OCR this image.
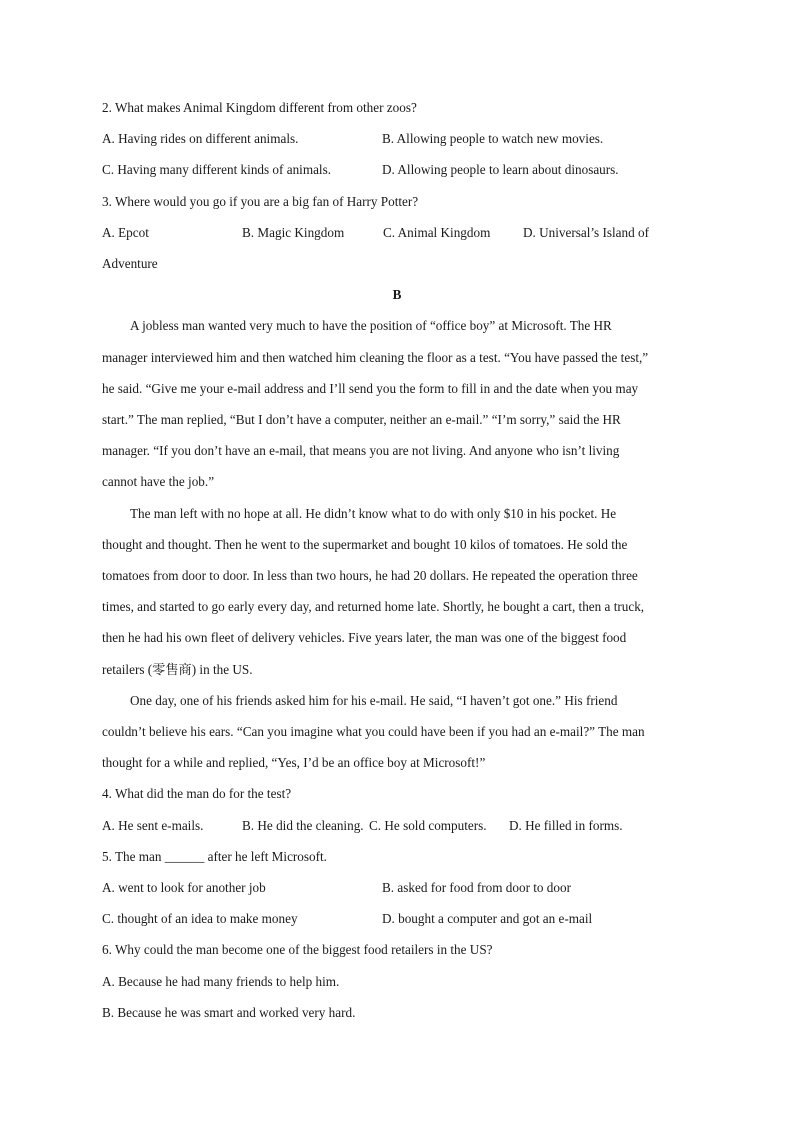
2. What makes Animal Kingdom different from other zoos?
A. Having rides on different animals.	B. Allowing people to watch new movies.
C. Having many different kinds of animals.	D. Allowing people to learn about dinosaurs.
3. Where would you go if you are a big fan of Harry Potter?
A. Epcot	B. Magic Kingdom	C. Animal Kingdom	D. Universal’s Island of
Adventure
B
A jobless man wanted very much to have the position of “office boy” at Microsoft. The HR
manager interviewed him and then watched him cleaning the floor as a test. “You have passed the test,”
he said. “Give me your e-mail address and I’ll send you the form to fill in and the date when you may
start.” The man replied, “But I don’t have a computer, neither an e-mail.” “I’m sorry,” said the HR
manager. “If you don’t have an e-mail, that means you are not living. And anyone who isn’t living
cannot have the job.”
The man left with no hope at all. He didn’t know what to do with only $10 in his pocket. He
thought and thought. Then he went to the supermarket and bought 10 kilos of tomatoes. He sold the
tomatoes from door to door. In less than two hours, he had 20 dollars. He repeated the operation three
times, and started to go early every day, and returned home late. Shortly, he bought a cart, then a truck,
then he had his own fleet of delivery vehicles. Five years later, the man was one of the biggest food
retailers (零售商) in the US.
One day, one of his friends asked him for his e-mail. He said, “I haven’t got one.” His friend
couldn’t believe his ears. “Can you imagine what you could have been if you had an e-mail?” The man
thought for a while and replied, “Yes, I’d be an office boy at Microsoft!”
4. What did the man do for the test?
A. He sent e-mails.	B. He did the cleaning. C. He sold computers.	D. He filled in forms.
5. The man ______ after he left Microsoft.
A. went to look for another job	B. asked for food from door to door
C. thought of an idea to make money	D. bought a computer and got an e-mail
6. Why could the man become one of the biggest food retailers in the US?
A. Because he had many friends to help him.
B. Because he was smart and worked very hard.
